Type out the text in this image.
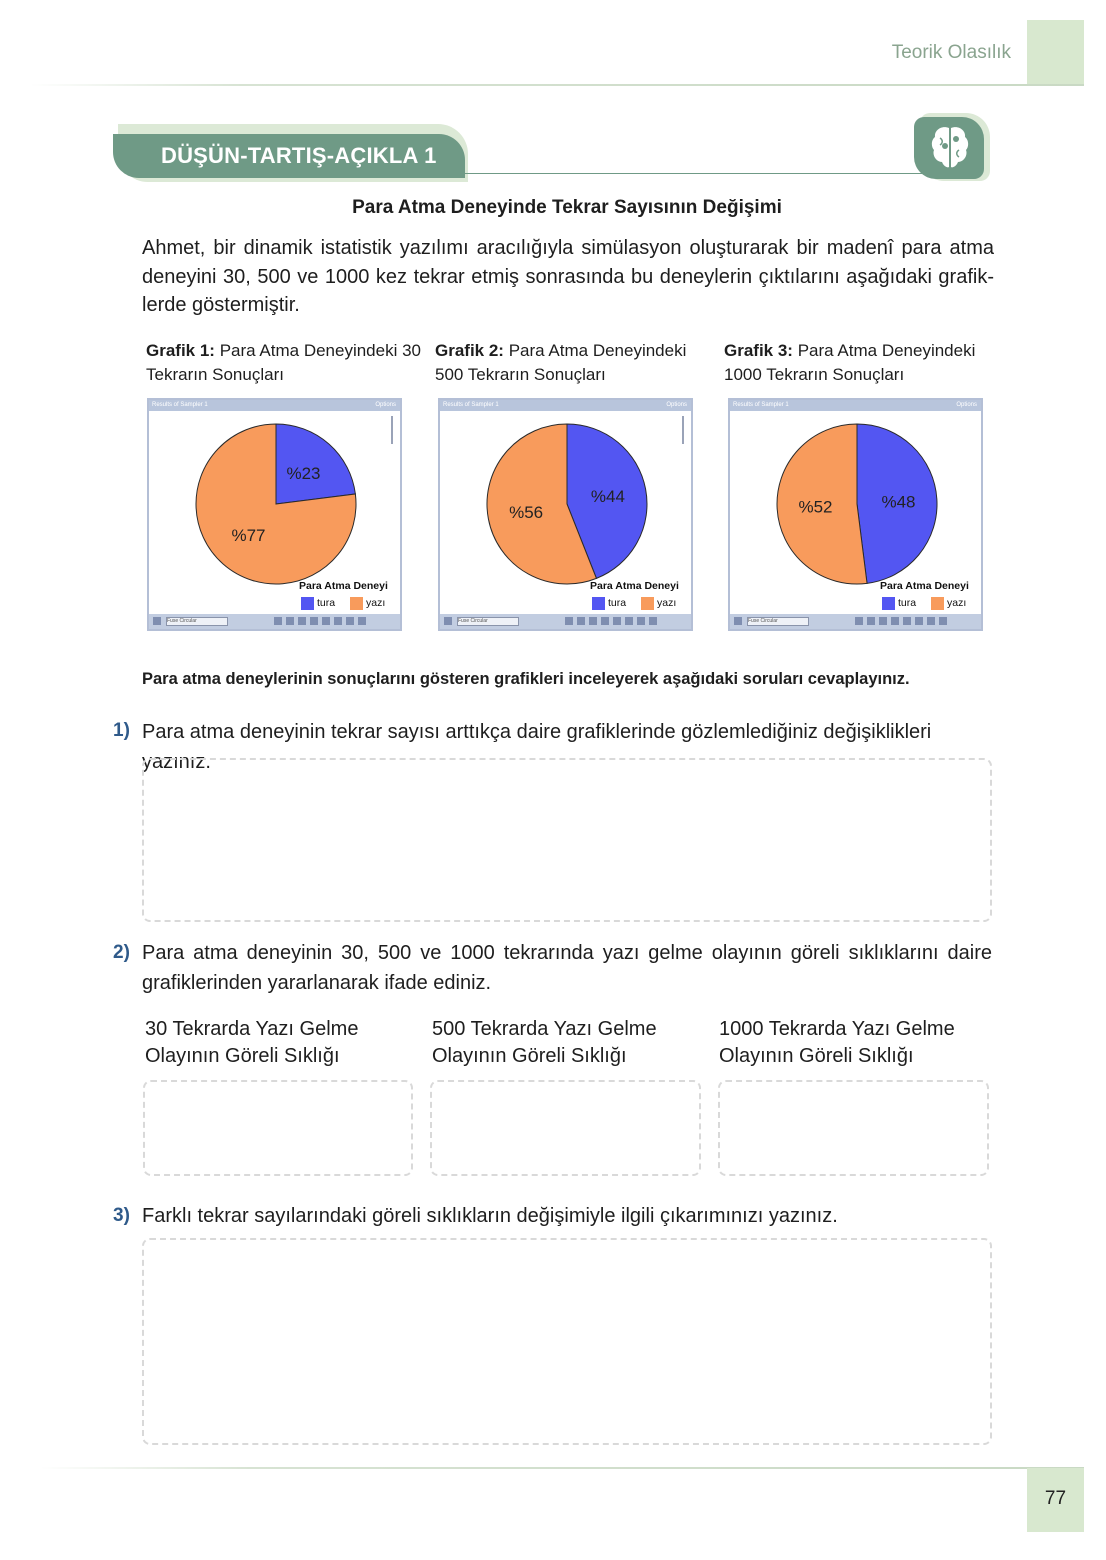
Teorik Olasılık
DÜŞÜN-TARTIŞ-AÇIKLA 1
Para Atma Deneyinde Tekrar Sayısının Değişimi
Ahmet, bir dinamik istatistik yazılımı aracılığıyla simülasyon oluşturarak bir madenî para atma deneyini 30, 500 ve 1000 kez tekrar etmiş sonrasında bu deneylerin çıktılarını aşağıdaki grafik-lerde göstermiştir.
Grafik 1: Para Atma Deneyindeki 30 Tekrarın Sonuçları
Grafik 2: Para Atma Deneyindeki 500 Tekrarın Sonuçları
Grafik 3: Para Atma Deneyindeki 1000 Tekrarın Sonuçları
Results of Sampler 1	Options
%23
%77
Para Atma Deneyi
tura	yazı
Fuse Circular
Results of Sampler 1	Options
%44
%56
Para Atma Deneyi
tura	yazı
Fuse Circular
Results of Sampler 1	Options
%48
%52
Para Atma Deneyi
tura	yazı
Fuse Circular
Para atma deneylerinin sonuçlarını gösteren grafikleri inceleyerek aşağıdaki soruları cevaplayınız.
1) Para atma deneyinin tekrar sayısı arttıkça daire grafiklerinde gözlemlediğiniz değişiklikleri yazınız.
2) Para atma deneyinin 30, 500 ve 1000 tekrarında yazı gelme olayının göreli sıklıklarını daire grafiklerinden yararlanarak ifade ediniz.
30 Tekrarda Yazı Gelme Olayının Göreli Sıklığı
500 Tekrarda Yazı Gelme Olayının Göreli Sıklığı
1000 Tekrarda Yazı Gelme Olayının Göreli Sıklığı
3) Farklı tekrar sayılarındaki göreli sıklıkların değişimiyle ilgili çıkarımınızı yazınız.
77
